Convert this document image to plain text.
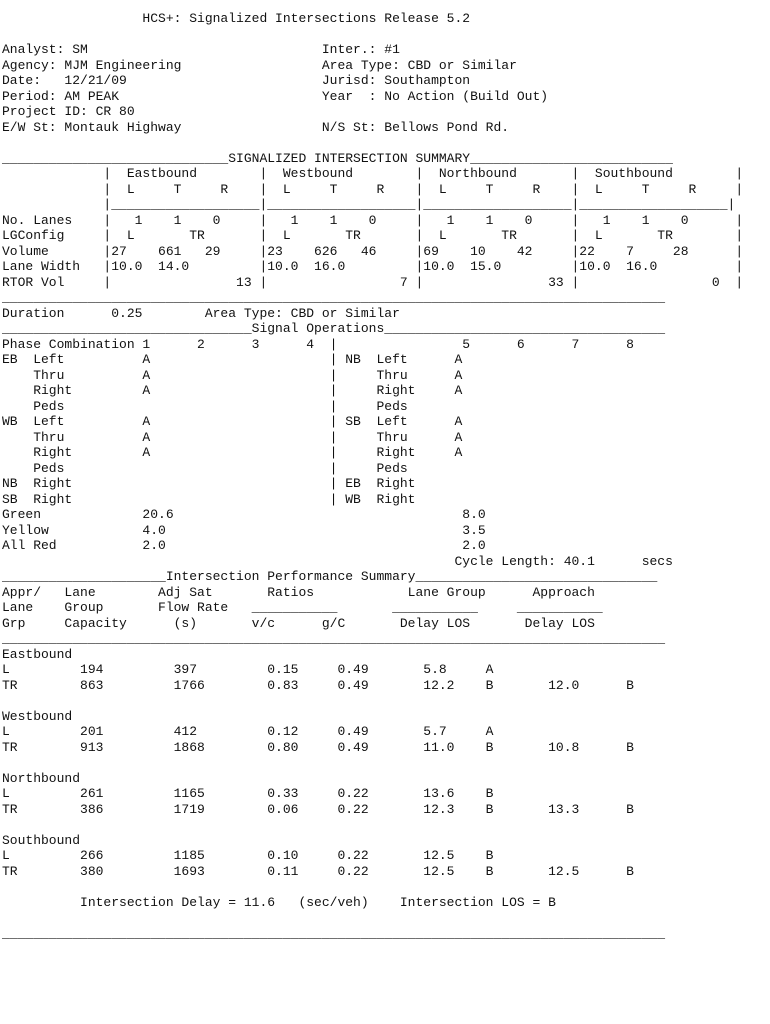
HCS+: Signalized Intersections Release 5.2
Analyst: SM                              Inter.: #1
Agency: MJM Engineering                  Area Type: CBD or Similar
Date:   12/21/09                         Jurisd: Southampton
Period: AM PEAK                          Year  : No Action (Build Out)
Project ID: CR 80
E/W St: Montauk Highway                  N/S St: Bellows Pond Rd.
_____________________________SIGNALIZED INTERSECTION SUMMARY__________________________
|  Eastbound        |  Westbound        |  Northbound       |  Southbound        |
|  L     T     R    |  L     T     R    |  L     T     R    |  L     T     R     |
|___________________|___________________|___________________|___________________|
No. Lanes    |   1    1    0     |   1    1    0     |   1    1    0     |   1    1    0      |
LGConfig     |  L       TR       |  L       TR       |  L       TR       |  L       TR        |
Volume       |27    661   29     |23    626   46     |69    10    42     |22    7     28      |
Lane Width   |10.0  14.0         |10.0  16.0         |10.0  15.0         |10.0  16.0          |
RTOR Vol     |                13 |                 7 |                33 |                 0  |
_____________________________________________________________________________________
Duration      0.25        Area Type: CBD or Similar
________________________________Signal Operations____________________________________
Phase Combination 1      2      3      4  |                5      6      7      8
EB  Left          A                       | NB  Left      A
Thru          A                       |     Thru      A
Right         A                       |     Right     A
Peds                                  |     Peds
WB  Left          A                       | SB  Left      A
Thru          A                       |     Thru      A
Right         A                       |     Right     A
Peds                                  |     Peds
NB  Right                                 | EB  Right
SB  Right                                 | WB  Right
Green             20.6                                     8.0
Yellow            4.0                                      3.5
All Red           2.0                                      2.0
Cycle Length: 40.1      secs
_____________________Intersection Performance Summary_______________________________
Appr/   Lane        Adj Sat       Ratios            Lane Group      Approach
Lane    Group       Flow Rate   ___________       ___________     ___________
Grp     Capacity      (s)       v/c      g/C       Delay LOS       Delay LOS
_____________________________________________________________________________________
Eastbound
L         194         397         0.15     0.49       5.8     A
TR        863         1766        0.83     0.49       12.2    B       12.0      B
Westbound
L         201         412         0.12     0.49       5.7     A
TR        913         1868        0.80     0.49       11.0    B       10.8      B
Northbound
L         261         1165        0.33     0.22       13.6    B
TR        386         1719        0.06     0.22       12.3    B       13.3      B
Southbound
L         266         1185        0.10     0.22       12.5    B
TR        380         1693        0.11     0.22       12.5    B       12.5      B
Intersection Delay = 11.6   (sec/veh)    Intersection LOS = B
_____________________________________________________________________________________
